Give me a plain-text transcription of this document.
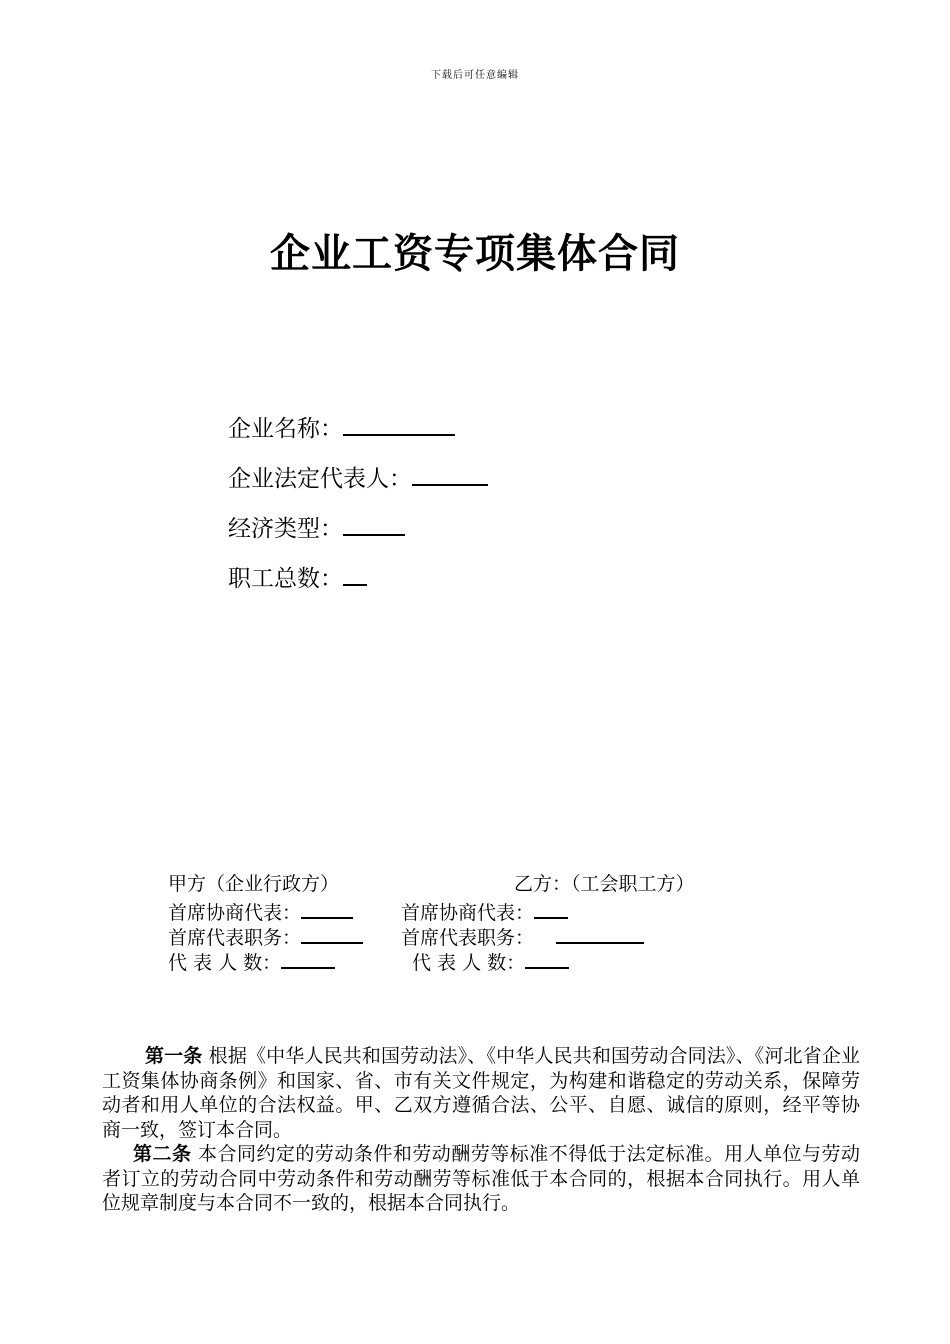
下载后可任意编辑
企业工资专项集体合同
企业名称：
企业法定代表人：
经济类型：
职工总数：
甲方（企业行政方）	乙方：（工会职工方）
首席协商代表：	首席协商代表：
首席代表职务：	首席代表职务：
代 表 人 数：	代 表 人 数：

第一条 根据《中华人民共和国劳动法》、《中华人民共和国劳动合同法》、《河北省企业工资集体协商条例》和国家、省、市有关文件规定，为构建和谐稳定的劳动关系，保障劳动者和用人单位的合法权益。甲、乙双方遵循合法、公平、自愿、诚信的原则，经平等协商一致，签订本合同。

第二条 本合同约定的劳动条件和劳动酬劳等标准不得低于法定标准。用人单位与劳动者订立的劳动合同中劳动条件和劳动酬劳等标准低于本合同的，根据本合同执行。用人单位规章制度与本合同不一致的，根据本合同执行。
